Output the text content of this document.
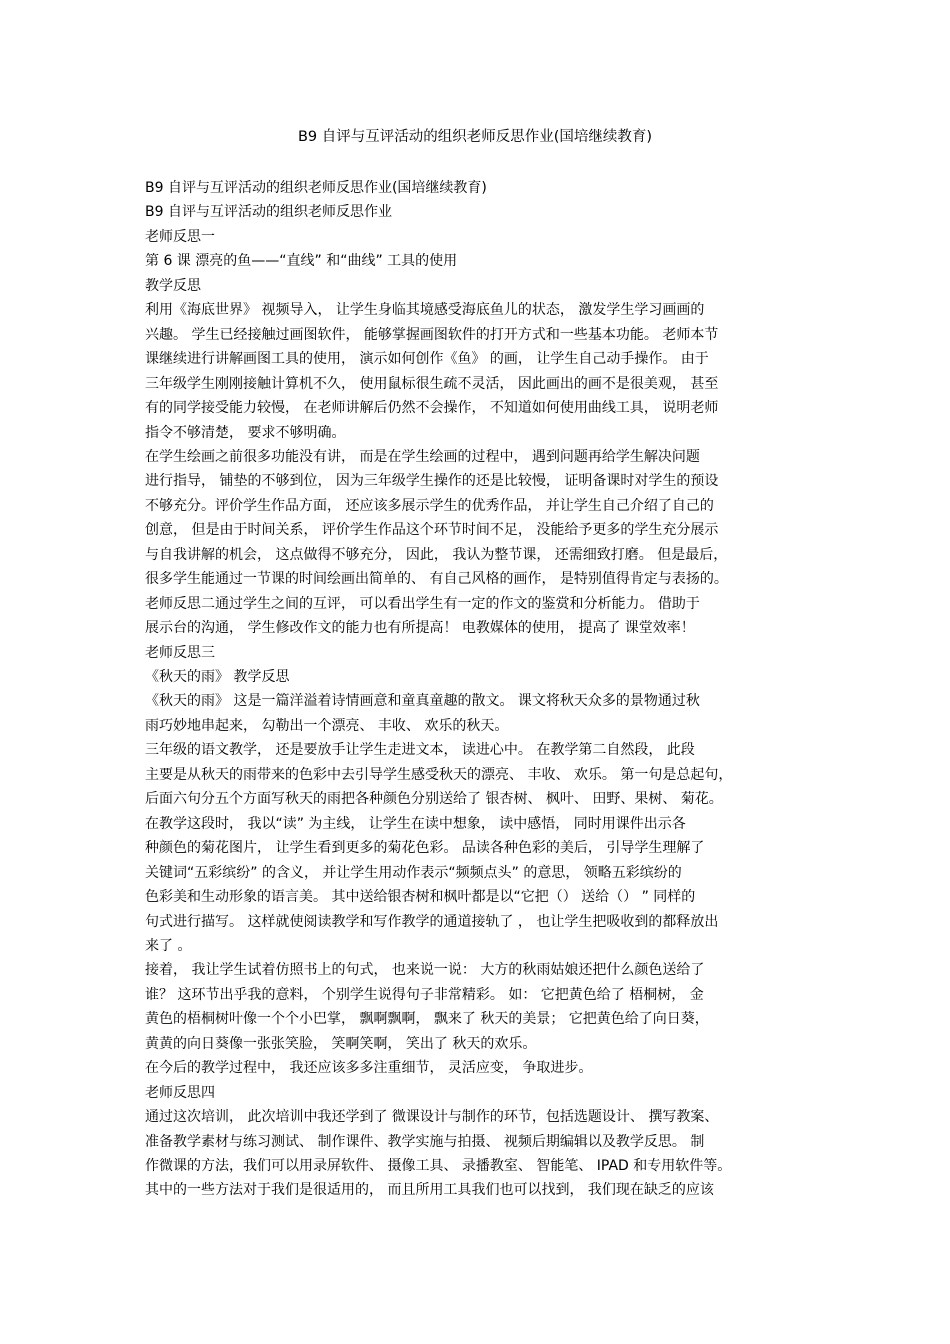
B9 自评与互评活动的组织老师反思作业(国培继续教育)
B9 自评与互评活动的组织老师反思作业(国培继续教育)
B9 自评与互评活动的组织老师反思作业
老师反思一
第 6 课 漂亮的鱼——“直线” 和“曲线” 工具的使用
教学反思
利用《海底世界》 视频导入， 让学生身临其境感受海底鱼儿的状态， 激发学生学习画画的
兴趣。 学生已经接触过画图软件， 能够掌握画图软件的打开方式和一些基本功能。 老师本节
课继续进行讲解画图工具的使用， 演示如何创作《鱼》 的画， 让学生自己动手操作。 由于
三年级学生刚刚接触计算机不久， 使用鼠标很生疏不灵活， 因此画出的画不是很美观， 甚至
有的同学接受能力较慢， 在老师讲解后仍然不会操作， 不知道如何使用曲线工具， 说明老师
指令不够清楚， 要求不够明确。
在学生绘画之前很多功能没有讲， 而是在学生绘画的过程中， 遇到问题再给学生解决问题
进行指导， 铺垫的不够到位， 因为三年级学生操作的还是比较慢， 证明备课时对学生的预设
不够充分。评价学生作品方面， 还应该多展示学生的优秀作品， 并让学生自己介绍了自己的
创意， 但是由于时间关系， 评价学生作品这个环节时间不足， 没能给予更多的学生充分展示
与自我讲解的机会， 这点做得不够充分， 因此， 我认为整节课， 还需细致打磨。 但是最后，
很多学生能通过一节课的时间绘画出简单的、 有自己风格的画作， 是特别值得肯定与表扬的。
老师反思二通过学生之间的互评， 可以看出学生有一定的作文的鉴赏和分析能力。 借助于
展示台的沟通， 学生修改作文的能力也有所提高！ 电教媒体的使用， 提高了 课堂效率！
老师反思三
《秋天的雨》 教学反思
《秋天的雨》 这是一篇洋溢着诗情画意和童真童趣的散文。 课文将秋天众多的景物通过秋
雨巧妙地串起来， 勾勒出一个漂亮、 丰收、 欢乐的秋天。
三年级的语文教学， 还是要放手让学生走进文本， 读进心中。 在教学第二自然段， 此段
主要是从秋天的雨带来的色彩中去引导学生感受秋天的漂亮、 丰收、 欢乐。 第一句是总起句，
后面六句分五个方面写秋天的雨把各种颜色分别送给了 银杏树、 枫叶、 田野、果树、 菊花。
在教学这段时， 我以“读” 为主线， 让学生在读中想象， 读中感悟， 同时用课件出示各
种颜色的菊花图片， 让学生看到更多的菊花色彩。 品读各种色彩的美后， 引导学生理解了
关键词“五彩缤纷” 的含义， 并让学生用动作表示“频频点头” 的意思， 领略五彩缤纷的
色彩美和生动形象的语言美。 其中送给银杏树和枫叶都是以“它把（） 送给（） ” 同样的
句式进行描写。 这样就使阅读教学和写作教学的通道接轨了 ， 也让学生把吸收到的都释放出
来了 。
接着， 我让学生试着仿照书上的句式， 也来说一说： 大方的秋雨姑娘还把什么颜色送给了
谁？ 这环节出乎我的意料， 个别学生说得句子非常精彩。 如： 它把黄色给了 梧桐树， 金
黄色的梧桐树叶像一个个小巴掌， 飘啊飘啊， 飘来了 秋天的美景； 它把黄色给了向日葵，
黄黄的向日葵像一张张笑脸， 笑啊笑啊， 笑出了 秋天的欢乐。
在今后的教学过程中， 我还应该多多注重细节， 灵活应变， 争取进步。
老师反思四
通过这次培训， 此次培训中我还学到了 微课设计与制作的环节，包括选题设计、 撰写教案、
准备教学素材与练习测试、 制作课件、教学实施与拍摄、 视频后期编辑以及教学反思。 制
作微课的方法，我们可以用录屏软件、 摄像工具、 录播教室、 智能笔、 IPAD 和专用软件等。
其中的一些方法对于我们是很适用的， 而且所用工具我们也可以找到， 我们现在缺乏的应该
